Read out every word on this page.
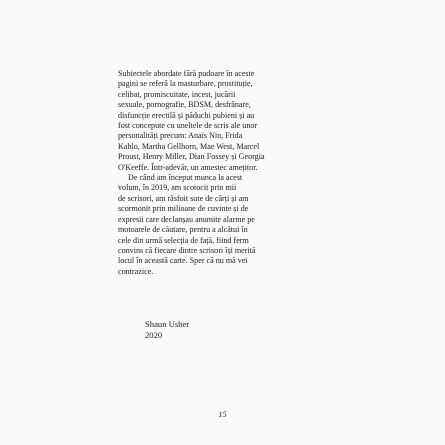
Subiectele abordate fără pudoare în aceste
pagini se referă la masturbare, prostituție,
celibat, promiscuitate, incest, jucării
sexuale, pornografie, BDSM, desfrânare,
disfuncție erectilă și păduchi pubieni și au
fost concepute cu uneltele de scris ale unor
personalități precum: Anaïs Nin, Frida
Kahlo, Martha Gellhorn, Mae West, Marcel
Proust, Henry Miller, Dian Fossey și Georgia
O'Keeffe. Într-adevăr, un amestec amețitor.
De când am început munca la acest
volum, în 2019, am scotocit prin mii
de scrisori, am răsfoit sute de cărți și am
scormonit prin milioane de cuvinte și de
expresii care declanșau anumite alarme pe
motoarele de căutare, pentru a alcătui în
cele din urmă selecția de față, fiind ferm
convins că fiecare dintre scrisori își merită
locul în această carte. Sper că nu mă vei
contrazice.
Shaun Usher
2020
15
